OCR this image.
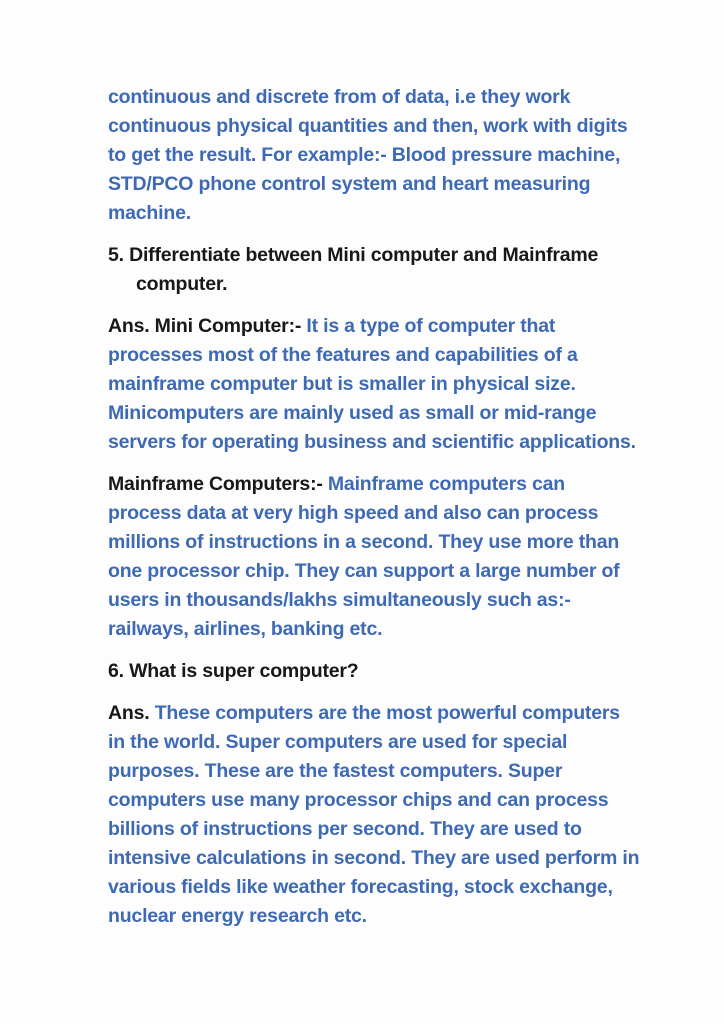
continuous and discrete from of data, i.e they work continuous physical quantities and then, work with digits to get the result. For example:- Blood pressure machine, STD/PCO phone control system and heart measuring machine.

5. Differentiate between Mini computer and Mainframe computer.

Ans. Mini Computer:- It is a type of computer that processes most of the features and capabilities of a mainframe computer but is smaller in physical size. Minicomputers are mainly used as small or mid-range servers for operating business and scientific applications.

Mainframe Computers:- Mainframe computers can process data at very high speed and also can process millions of instructions in a second. They use more than one processor chip. They can support a large number of users in thousands/lakhs simultaneously such as:- railways, airlines, banking etc.

6. What is super computer?

Ans. These computers are the most powerful computers in the world. Super computers are used for special purposes. These are the fastest computers. Super computers use many processor chips and can process billions of instructions per second. They are used to intensive calculations in second. They are used perform in various fields like weather forecasting, stock exchange, nuclear energy research etc.
